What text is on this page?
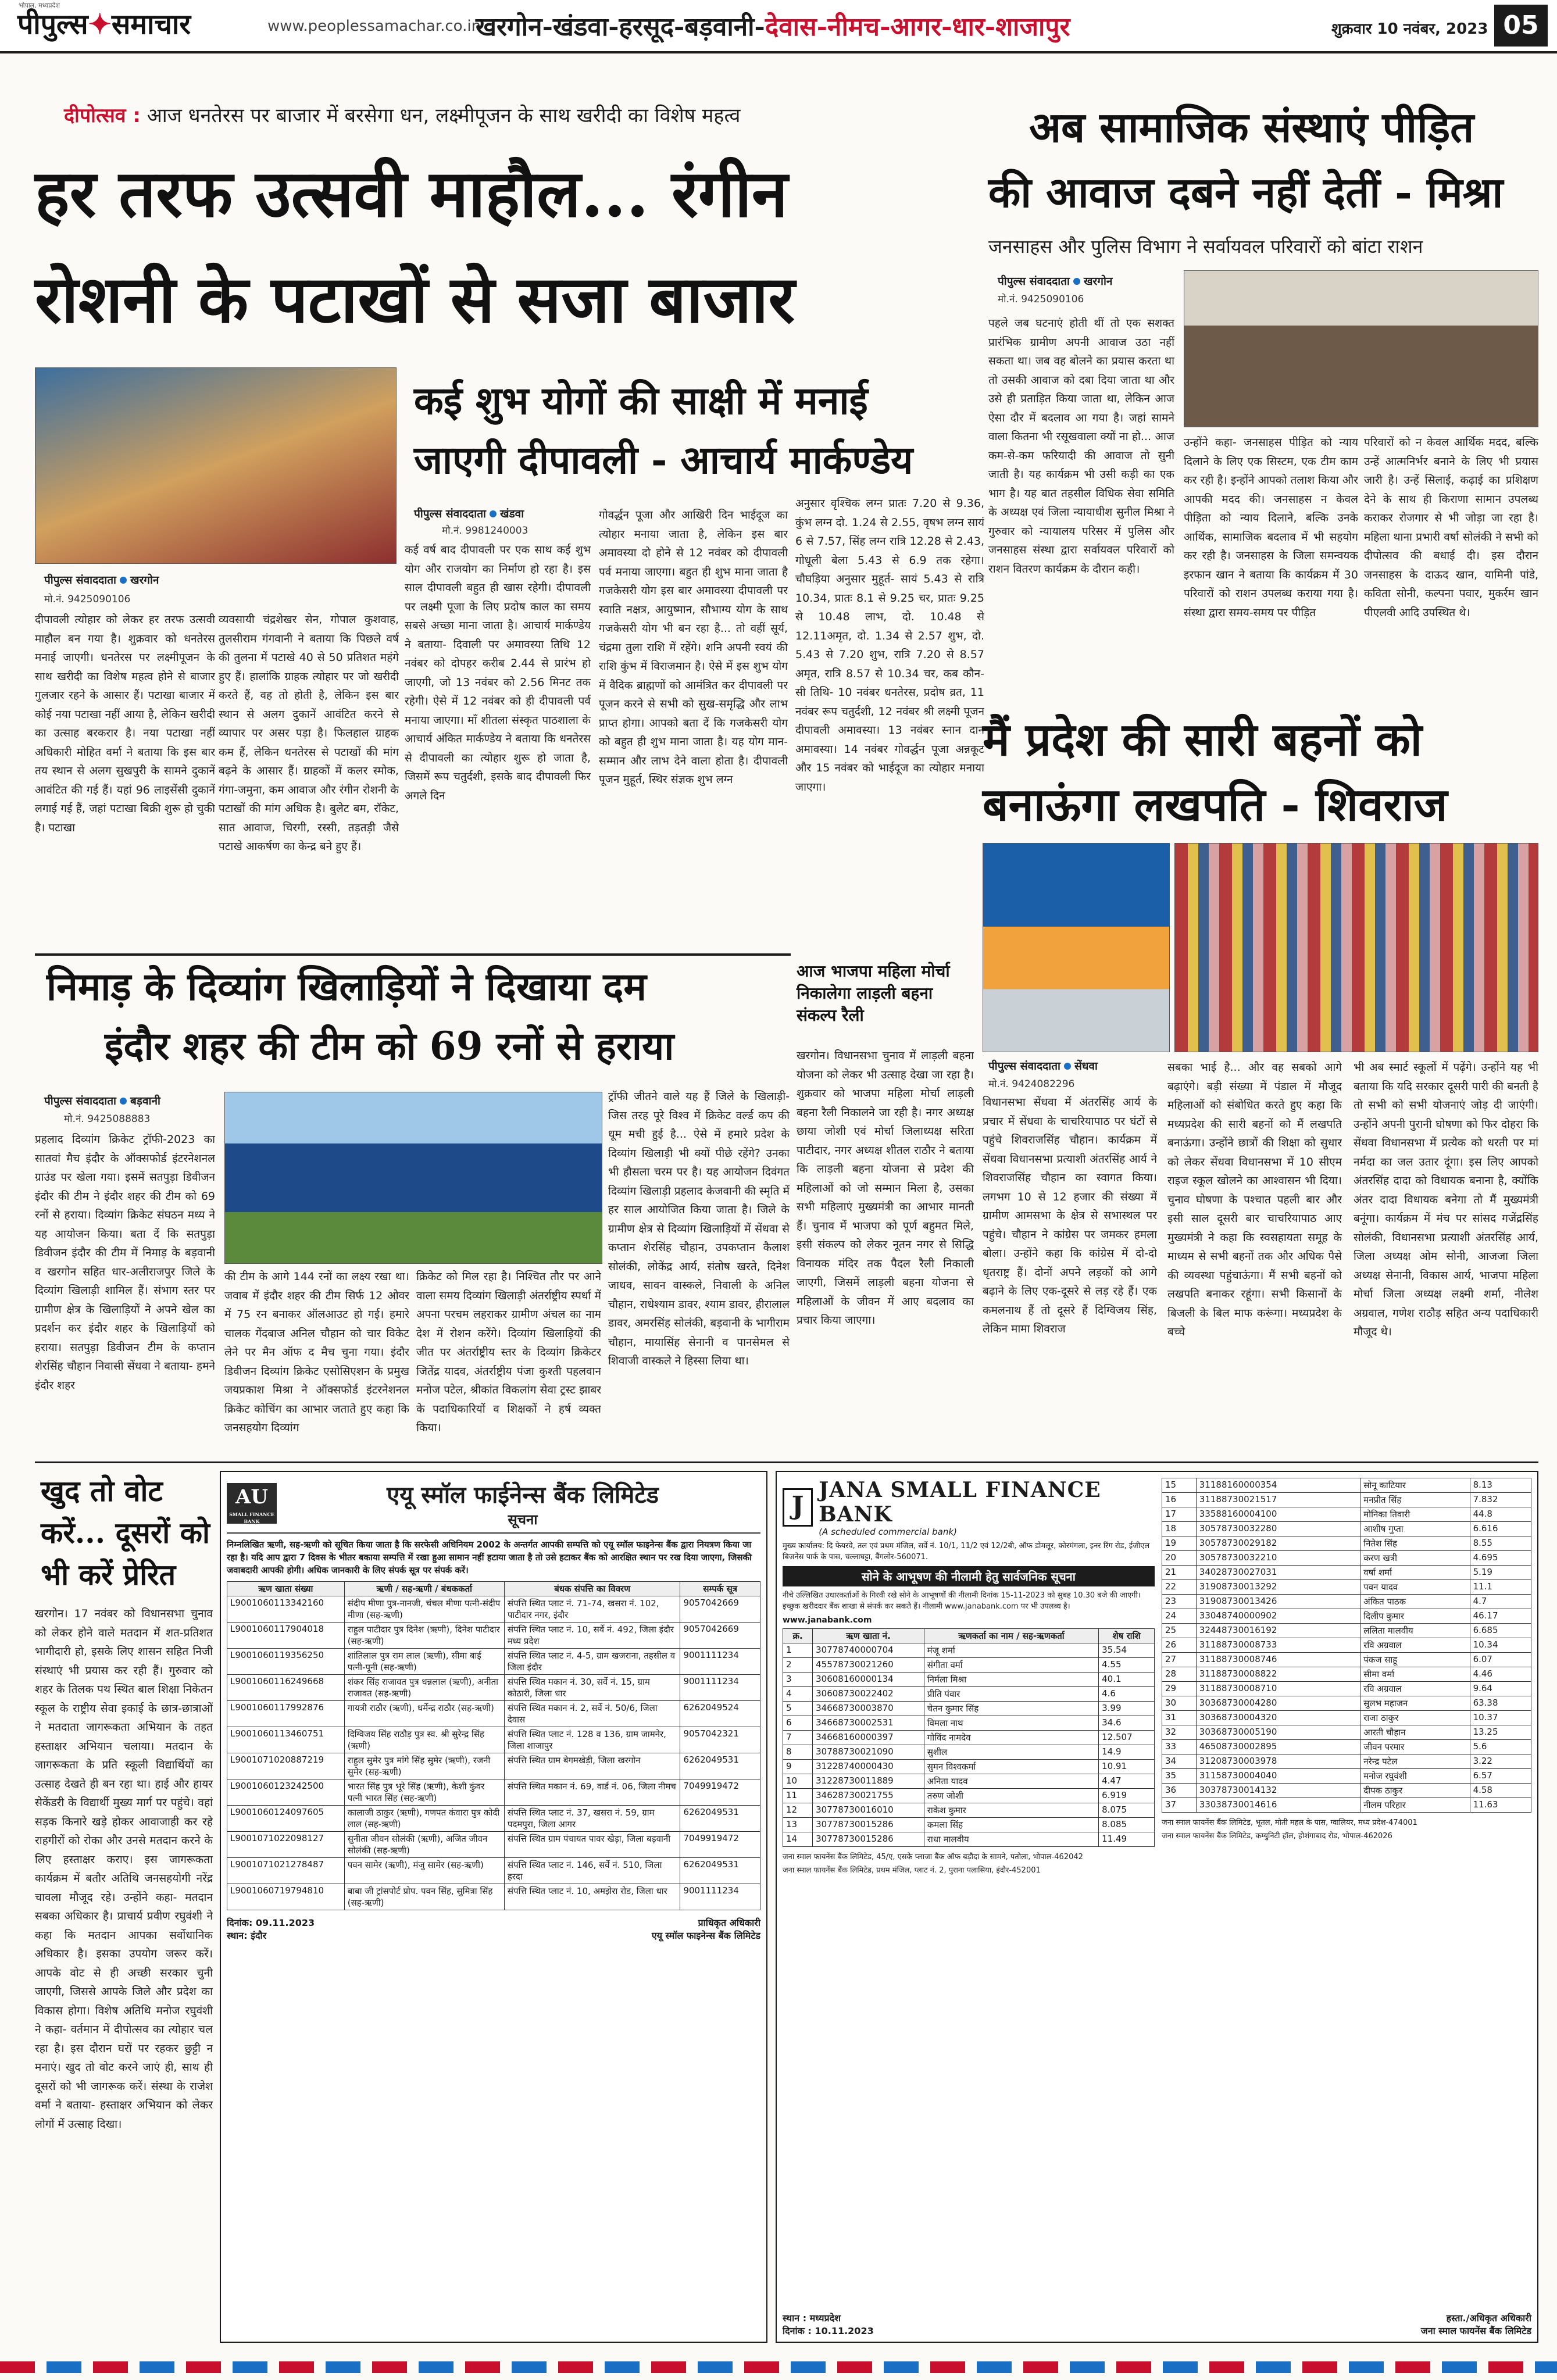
भोपाल, मध्यप्रदेश
पीपुल्स✦समाचार	www.peoplessamachar.co.in
खरगोन-खंडवा-हरसूद-बड़वानी-देवास-नीमच-आगर-धार-शाजापुर	शुक्रवार 10 नवंबर, 2023 05
दीपोत्सव : आज धनतेरस पर बाजार में बरसेगा धन, लक्ष्मीपूजन के साथ खरीदी का विशेष महत्व
हर तरफ उत्सवी माहौल... रंगीन
रोशनी के पटाखों से सजा बाजार
पीपुल्स संवाददाता खरगोन
मो.नं. 9425090106
दीपावली त्योहार को लेकर हर तरफ उत्सवी माहौल बन गया है। शुक्रवार को धनतेरस मनाई जाएगी। धनतेरस पर लक्ष्मीपूजन के साथ खरीदी का विशेष महत्व होने से बाजार गुलजार रहने के आसार हैं। पटाखा बाजार में कोई नया पटाखा नहीं आया है, लेकिन खरीदी का उत्साह बरकरार है। नया पटाखा नहीं अधिकारी मोहित वर्मा ने बताया कि इस बार तय स्थान से अलग सुखपुरी के सामने दुकानें आवंटित की गई हैं। यहां 96 लाइसेंसी दुकानें लगाई गई हैं, जहां पटाखा बिक्री शुरू हो चुकी है। पटाखा
व्यवसायी चंद्रशेखर सेन, गोपाल कुशवाह, तुलसीराम गंगवानी ने बताया कि पिछले वर्ष की तुलना में पटाखे 40 से 50 प्रतिशत महंगे हुए हैं। हालांकि ग्राहक त्योहार पर जो खरीदी करते हैं, वह तो होती है, लेकिन इस बार स्थान से अलग दुकानें आवंटित करने से व्यापार पर असर पड़ा है। फिलहाल ग्राहक कम हैं, लेकिन धनतेरस से पटाखों की मांग बढ़ने के आसार हैं। ग्राहकों में कलर स्मोक, गंगा-जमुना, कम आवाज और रंगीन रोशनी के पटाखों की मांग अधिक है। बुलेट बम, रॉकेट, सात आवाज, चिरगी, रस्सी, तड़तड़ी जैसे पटाखे आकर्षण का केन्द्र बने हुए हैं।
कई शुभ योगों की साक्षी में मनाई
जाएगी दीपावली - आचार्य मार्कण्डेय
पीपुल्स संवाददाता खंडवा
मो.नं. 9981240003
कई वर्ष बाद दीपावली पर एक साथ कई शुभ योग और राजयोग का निर्माण हो रहा है। इस साल दीपावली बहुत ही खास रहेगी। दीपावली पर लक्ष्मी पूजा के लिए प्रदोष काल का समय सबसे अच्छा माना जाता है। आचार्य मार्कण्डेय ने बताया- दिवाली पर अमावस्या तिथि 12 नवंबर को दोपहर करीब 2.44 से प्रारंभ हो जाएगी, जो 13 नवंबर को 2.56 मिनट तक रहेगी। ऐसे में 12 नवंबर को ही दीपावली पर्व मनाया जाएगा। माँ शीतला संस्कृत पाठशाला के आचार्य अंकित मार्कण्डेय ने बताया कि धनतेरस से दीपावली का त्योहार शुरू हो जाता है, जिसमें रूप चतुर्दशी, इसके बाद दीपावली फिर अगले दिन
गोवर्द्धन पूजा और आखिरी दिन भाईदूज का त्योहार मनाया जाता है, लेकिन इस बार अमावस्या दो होने से 12 नवंबर को दीपावली पर्व मनाया जाएगा। बहुत ही शुभ माना जाता है गजकेसरी योग इस बार अमावस्या दीपावली पर स्वाति नक्षत्र, आयुष्मान, सौभाग्य योग के साथ गजकेसरी योग भी बन रहा है... तो वहीं सूर्य, चंद्रमा तुला राशि में रहेंगे। शनि अपनी स्वयं की राशि कुंभ में विराजमान है। ऐसे में इस शुभ योग में वैदिक ब्राह्मणों को आमंत्रित कर दीपावली पर पूजन करने से सभी को सुख-समृद्धि और लाभ प्राप्त होगा। आपको बता दें कि गजकेसरी योग को बहुत ही शुभ माना जाता है। यह योग मान-सम्मान और लाभ देने वाला होता है। दीपावली पूजन मुहूर्त, स्थिर संज्ञक शुभ लग्न
अनुसार वृश्चिक लग्न प्रातः 7.20 से 9.36, कुंभ लग्न दो. 1.24 से 2.55, वृषभ लग्न सायं 6 से 7.57, सिंह लग्न रात्रि 12.28 से 2.43, गोधूली बेला 5.43 से 6.9 तक रहेगा। चौघड़िया अनुसार मुहूर्त- सायं 5.43 से रात्रि 10.34, प्रातः 8.1 से 9.25 चर, प्रातः 9.25 से 10.48 लाभ, दो. 10.48 से 12.11अमृत, दो. 1.34 से 2.57 शुभ, दो. 5.43 से 7.20 शुभ, रात्रि 7.20 से 8.57 अमृत, रात्रि 8.57 से 10.34 चर, कब कौन-सी तिथि- 10 नवंबर धनतेरस, प्रदोष व्रत, 11 नवंबर रूप चतुर्दशी, 12 नवंबर श्री लक्ष्मी पूजन दीपावली अमावस्या। 13 नवंबर स्नान दान अमावस्या। 14 नवंबर गोवर्द्धन पूजा अन्नकूट और 15 नवंबर को भाईदूज का त्योहार मनाया जाएगा।
अब सामाजिक संस्थाएं पीड़ित
की आवाज दबने नहीं देतीं - मिश्रा
जनसाहस और पुलिस विभाग ने सर्वायवल परिवारों को बांटा राशन
पीपुल्स संवाददाता खरगोन
मो.नं. 9425090106
पहले जब घटनाएं होती थीं तो एक सशक्त प्रारंभिक ग्रामीण अपनी आवाज उठा नहीं सकता था। जब वह बोलने का प्रयास करता था तो उसकी आवाज को दबा दिया जाता था और उसे ही प्रताड़ित किया जाता था, लेकिन आज ऐसा दौर में बदलाव आ गया है। जहां सामने वाला कितना भी रसूखवाला क्यों ना हो... आज कम-से-कम फरियादी की आवाज तो सुनी जाती है। यह कार्यक्रम भी उसी कड़ी का एक भाग है। यह बात तहसील विधिक सेवा समिति के अध्यक्ष एवं जिला न्यायाधीश सुनील मिश्रा ने गुरुवार को न्यायालय परिसर में पुलिस और जनसाहस संस्था द्वारा सर्वायवल परिवारों को राशन वितरण कार्यक्रम के दौरान कही।
उन्होंने कहा- जनसाहस पीड़ित को न्याय दिलाने के लिए एक सिस्टम, एक टीम काम कर रही है। इन्होंने आपको तलाश किया और आपकी मदद की। जनसाहस न केवल पीड़िता को न्याय दिलाने, बल्कि उनके आर्थिक, सामाजिक बदलाव में भी सहयोग कर रही है। जनसाहस के जिला समन्वयक इरफान खान ने बताया कि कार्यक्रम में 30 परिवारों को राशन उपलब्ध कराया गया है। संस्था द्वारा समय-समय पर पीड़ित
परिवारों को न केवल आर्थिक मदद, बल्कि उन्हें आत्मनिर्भर बनाने के लिए भी प्रयास जारी है। उन्हें सिलाई, कढ़ाई का प्रशिक्षण देने के साथ ही किराणा सामान उपलब्ध कराकर रोजगार से भी जोड़ा जा रहा है। महिला थाना प्रभारी वर्षा सोलंकी ने सभी को दीपोत्सव की बधाई दी। इस दौरान जनसाहस के दाऊद खान, यामिनी पांडे, कविता सोनी, कल्पना पवार, मुकर्रम खान पीएलवी आदि उपस्थित थे।
मैं प्रदेश की सारी बहनों को
बनाऊंगा लखपति - शिवराज
पीपुल्स संवाददाता सेंधवा
मो.नं. 9424082296
विधानसभा सेंधवा में अंतरसिंह आर्य के प्रचार में सेंधवा के चाचरियापाठ पर घंटों से पहुंचे शिवराजसिंह चौहान। कार्यक्रम में सेंधवा विधानसभा प्रत्याशी अंतरसिंह आर्य ने शिवराजसिंह चौहान का स्वागत किया। लगभग 10 से 12 हजार की संख्या में ग्रामीण आमसभा के क्षेत्र से सभास्थल पर पहुंचे। चौहान ने कांग्रेस पर जमकर हमला बोला। उन्होंने कहा कि कांग्रेस में दो-दो धृतराष्ट्र हैं। दोनों अपने लड़कों को आगे बढ़ाने के लिए एक-दूसरे से लड़ रहे हैं। एक कमलनाथ हैं तो दूसरे हैं दिग्विजय सिंह, लेकिन मामा शिवराज
सबका भाई है... और वह सबको आगे बढ़ाएंगे। बड़ी संख्या में पंडाल में मौजूद महिलाओं को संबोधित करते हुए कहा कि मध्यप्रदेश की सारी बहनों को मैं लखपति बनाऊंगा। उन्होंने छात्रों की शिक्षा को सुधार को लेकर सेंधवा विधानसभा में 10 सीएम राइज स्कूल खोलने का आश्वासन भी दिया। चुनाव घोषणा के पश्चात पहली बार और इसी साल दूसरी बार चाचरियापाठ आए मुख्यमंत्री ने कहा कि स्वसहायता समूह के माध्यम से सभी बहनों तक और अधिक पैसे की व्यवस्था पहुंचाऊंगा। मैं सभी बहनों को लखपति बनाकर रहूंगा। सभी किसानों के बिजली के बिल माफ करूंगा। मध्यप्रदेश के बच्चे
भी अब स्मार्ट स्कूलों में पढ़ेंगे। उन्होंने यह भी बताया कि यदि सरकार दूसरी पारी की बनती है तो सभी को सभी योजनाएं जोड़ दी जाएंगी। उन्होंने अपनी पुरानी घोषणा को फिर दोहरा कि सेंधवा विधानसभा में प्रत्येक को धरती पर मां नर्मदा का जल उतार दूंगा। इस लिए आपको अंतरसिंह दादा को विधायक बनाना है, क्योंकि अंतर दादा विधायक बनेगा तो मैं मुख्यमंत्री बनूंगा। कार्यक्रम में मंच पर सांसद गजेंद्रसिंह सोलंकी, विधानसभा प्रत्याशी अंतरसिंह आर्य, जिला अध्यक्ष ओम सोनी, आजजा जिला अध्यक्ष सेनानी, विकास आर्य, भाजपा महिला मोर्चा जिला अध्यक्ष लक्ष्मी शर्मा, नीलेश अग्रवाल, गणेश राठौड़ सहित अन्य पदाधिकारी मौजूद थे।
निमाड़ के दिव्यांग खिलाड़ियों ने दिखाया दम
इंदौर शहर की टीम को 69 रनों से हराया
पीपुल्स संवाददाता बड़वानी
मो.नं. 9425088883
प्रहलाद दिव्यांग क्रिकेट ट्रॉफी-2023 का सातवां मैच इंदौर के ऑक्सफोर्ड इंटरनेशनल ग्राउंड पर खेला गया। इसमें सतपुड़ा डिवीजन इंदौर की टीम ने इंदौर शहर की टीम को 69 रनों से हराया। दिव्यांग क्रिकेट संघठन मध्य ने यह आयोजन किया। बता दें कि सतपुड़ा डिवीजन इंदौर की टीम में निमाड़ के बड़वानी व खरगोन सहित धार-अलीराजपुर जिले के दिव्यांग खिलाड़ी शामिल हैं। संभाग स्तर पर ग्रामीण क्षेत्र के खिलाड़ियों ने अपने खेल का प्रदर्शन कर इंदौर शहर के खिलाड़ियों को हराया। सतपुड़ा डिवीजन टीम के कप्तान शेरसिंह चौहान निवासी सेंधवा ने बताया- हमने इंदौर शहर
की टीम के आगे 144 रनों का लक्ष्य रखा था। जवाब में इंदौर शहर की टीम सिर्फ 12 ओवर में 75 रन बनाकर ऑलआउट हो गई। हमारे चालक गेंदबाज अनिल चौहान को चार विकेट लेने पर मैन ऑफ द मैच चुना गया। इंदौर डिवीजन दिव्यांग क्रिकेट एसोसिएशन के प्रमुख जयप्रकाश मिश्रा ने ऑक्सफोर्ड इंटरनेशनल क्रिकेट कोचिंग का आभार जताते हुए कहा कि जनसहयोग दिव्यांग
क्रिकेट को मिल रहा है। निश्चित तौर पर आने वाला समय दिव्यांग खिलाड़ी अंतर्राष्ट्रीय स्पर्धा में अपना परचम लहराकर ग्रामीण अंचल का नाम देश में रोशन करेंगे। दिव्यांग खिलाड़ियों की जीत पर अंतर्राष्ट्रीय स्तर के दिव्यांग क्रिकेटर जितेंद्र यादव, अंतर्राष्ट्रीय पंजा कुश्ती पहलवान मनोज पटेल, श्रीकांत विकलांग सेवा ट्रस्ट झाबर के पदाधिकारियों व शिक्षकों ने हर्ष व्यक्त किया।
ट्रॉफी जीतने वाले यह हैं जिले के खिलाड़ी- जिस तरह पूरे विश्व में क्रिकेट वर्ल्ड कप की धूम मची हुई है... ऐसे में हमारे प्रदेश के दिव्यांग खिलाड़ी भी क्यों पीछे रहेंगे? उनका भी हौसला चरम पर है। यह आयोजन दिवंगत दिव्यांग खिलाड़ी प्रहलाद केजवानी की स्मृति में हर साल आयोजित किया जाता है। जिले के ग्रामीण क्षेत्र से दिव्यांग खिलाड़ियों में सेंधवा से कप्तान शेरसिंह चौहान, उपकप्तान कैलाश सोलंकी, लोकेंद्र आर्य, संतोष खरते, दिनेश जाधव, सावन वास्कले, निवाली के अनिल चौहान, राधेश्याम डावर, श्याम डावर, हीरालाल डावर, अमरसिंह सोलंकी, बड़वानी के भागीराम चौहान, मायासिंह सेनानी व पानसेमल से शिवाजी वास्कले ने हिस्सा लिया था।
आज भाजपा महिला मोर्चा निकालेगा लाड़ली बहना संकल्प रैली
खरगोन। विधानसभा चुनाव में लाड़ली बहना योजना को लेकर भी उत्साह देखा जा रहा है। शुक्रवार को भाजपा महिला मोर्चा लाड़ली बहना रैली निकालने जा रही है। नगर अध्यक्ष छाया जोशी एवं मोर्चा जिलाध्यक्ष सरिता पाटीदार, नगर अध्यक्ष शीतल राठौर ने बताया कि लाड़ली बहना योजना से प्रदेश की महिलाओं को जो सम्मान मिला है, उसका सभी महिलाएं मुख्यमंत्री का आभार मानती हैं। चुनाव में भाजपा को पूर्ण बहुमत मिले, इसी संकल्प को लेकर नूतन नगर से सिद्धि विनायक मंदिर तक पैदल रैली निकाली जाएगी, जिसमें लाड़ली बहना योजना से महिलाओं के जीवन में आए बदलाव का प्रचार किया जाएगा।
खुद तो वोट
करें... दूसरों को
भी करें प्रेरित
खरगोन। 17 नवंबर को विधानसभा चुनाव को लेकर होने वाले मतदान में शत-प्रतिशत भागीदारी हो, इसके लिए शासन सहित निजी संस्थाएं भी प्रयास कर रही हैं। गुरुवार को शहर के तिलक पथ स्थित बाल शिक्षा निकेतन स्कूल के राष्ट्रीय सेवा इकाई के छात्र-छात्राओं ने मतदाता जागरूकता अभियान के तहत हस्ताक्षर अभियान चलाया। मतदान के जागरूकता के प्रति स्कूली विद्यार्थियों का उत्साह देखते ही बन रहा था। हाई और हायर सेकेंडरी के विद्यार्थी मुख्य मार्ग पर पहुंचे। वहां सड़क किनारे खड़े होकर आवाजाही कर रहे राहगीरों को रोका और उनसे मतदान करने के लिए हस्ताक्षर कराए। इस जागरूकता कार्यक्रम में बतौर अतिथि जनसहयोगी नरेंद्र चावला मौजूद रहे। उन्होंने कहा- मतदान सबका अधिकार है। प्राचार्य प्रवीण रघुवंशी ने कहा कि मतदान आपका सर्वोधानिक अधिकार है। इसका उपयोग जरूर करें। आपके वोट से ही अच्छी सरकार चुनी जाएगी, जिससे आपके जिले और प्रदेश का विकास होगा। विशेष अतिथि मनोज रघुवंशी ने कहा- वर्तमान में दीपोत्सव का त्योहार चल रहा है। इस दौरान घरों पर रहकर छुट्टी न मनाएं। खुद तो वोट करने जाएं ही, साथ ही दूसरों को भी जागरूक करें। संस्था के राजेश वर्मा ने बताया- हस्ताक्षर अभियान को लेकर लोगों में उत्साह दिखा।
AU
SMALL FINANCE BANK
एयू स्मॉल फाईनेन्स बैंक लिमिटेड
सूचना
निम्नलिखित ऋणी, सह-ऋणी को सूचित किया जाता है कि सरफेसी अधिनियम 2002 के अन्तर्गत आपकी सम्पत्ति को एयू स्मॉल फाइनेन्स बैंक द्वारा नियत्रण किया जा रहा है। यदि आप द्वारा 7 दिवस के भीतर बकाया सम्पत्ति में रखा हुआ सामान नहीं हटाया जाता है तो उसे हटाकर बैंक को आरक्षित स्थान पर रख दिया जाएगा, जिसकी जवाबदारी आपकी होगी। अधिक जानकारी के लिए संपर्क सूत्र पर संपर्क करें।
ऋण खाता संख्या	ऋणी / सह-ऋणी / बंधककर्ता	बंधक संपत्ति का विवरण	सम्पर्क सूत्र
L9001060113342160	संदीप मीणा पुत्र-नानजी, चंचल मीणा पत्नी-संदीप मीणा (सह-ऋणी)	संपत्ति स्थित प्लाट नं. 71-74, खसरा नं. 102, पाटीदार नगर, इंदौर	9057042669
L9001060117904018	राहुल पाटीदार पुत्र दिनेश (ऋणी), दिनेश पाटीदार (सह-ऋणी)	संपत्ति स्थित प्लाट नं. 10, सर्वे नं. 492, जिला इंदौर मध्य प्रदेश	9057042669
L9001060119356250	शांतिलाल पुत्र राम लाल (ऋणी), सीमा बाई पत्नी-पूनी (सह-ऋणी)	संपत्ति स्थित प्लाट नं. 4-5, ग्राम खजराना, तहसील व जिला इंदौर	9001111234
L9001060116249668	शंकर सिंह राजावत पुत्र धन्नलाल (ऋणी), अनीता राजावत (सह-ऋणी)	संपत्ति स्थित मकान नं. 30, सर्वे नं. 15, ग्राम कोठारी, जिला धार	9001111234
L9001060117992876	गायत्री राठौर (ऋणी), धर्मेन्द्र राठौर (सह-ऋणी)	संपत्ति स्थित मकान नं. 2, सर्वे नं. 50/6, जिला देवास	6262049524
L9001060113460751	दिग्विजय सिंह राठौड़ पुत्र स्व. श्री सुरेन्द्र सिंह (ऋणी)	संपत्ति स्थित प्लाट नं. 128 व 136, ग्राम जामनेर, जिला शाजापुर	9057042321
L9001071020887219	राहुल सुमेर पुत्र मांगे सिंह सुमेर (ऋणी), रजनी सुमेर (सह-ऋणी)	संपत्ति स्थित ग्राम बेगमखेड़ी, जिला खरगोन	6262049531
L9001060123242500	भारत सिंह पुत्र भूरे सिंह (ऋणी), केशी कुंवर पत्नी भारत सिंह (सह-ऋणी)	संपत्ति स्थित मकान नं. 69, वार्ड नं. 06, जिला नीमच	7049919472
L9001060124097605	कालाजी ठाकुर (ऋणी), गणपत कंवारा पुत्र कोदी लाल (सह-ऋणी)	संपत्ति स्थित प्लाट नं. 37, खसरा नं. 59, ग्राम पदमपुरा, जिला आगर	6262049531
L9001071022098127	सुनीता जीवन सोलंकी (ऋणी), अजित जीवन सोलंकी (सह-ऋणी)	संपत्ति स्थित ग्राम पंचायत पावर खेड़ा, जिला बड़वानी	7049919472
L9001071021278487	पवन सामेर (ऋणी), मंजु सामेर (सह-ऋणी)	संपत्ति स्थित प्लाट नं. 146, सर्वे नं. 510, जिला हरदा	6262049531
L9001060719794810	बाबा जी ट्रांसपोर्ट प्रोप. पवन सिंह, सुमित्रा सिंह (सह-ऋणी)	संपत्ति स्थित प्लाट नं. 10, अमझेरा रोड, जिला धार	9001111234
दिनांक: 09.11.2023
स्थान: इंदौर
प्राधिकृत अधिकारी
एयू स्मॉल फाइनेन्स बैंक लिमिटेड
J
JANA SMALL FINANCE BANK
(A scheduled commercial bank)
मुख्य कार्यालय: दि फेयरवे, तल एवं प्रथम मंजिल, सर्वे नं. 10/1, 11/2 एवं 12/2बी, ऑफ डोमलूर, कोरमंगला, इनर रिंग रोड, ईजीएल बिजनेस पार्क के पास, चल्लाघट्टा, बैंगलोर-560071.
सोने के आभूषण की नीलामी हेतु सार्वजनिक सूचना
नीचे उल्लिखित उधारकर्ताओं के गिरवी रखे सोने के आभूषणों की नीलामी दिनांक 15-11-2023 को सुबह 10.30 बजे की जाएगी। इच्छुक खरीददार बैंक शाखा से संपर्क कर सकते हैं। नीलामी www.janabank.com पर भी उपलब्ध है।
www.janabank.com
क्र.	ऋण खाता नं.	ऋणकर्ता का नाम / सह-ऋणकर्ता	शेष राशि
1	30778740000704	मंजू शर्मा	35.54
2	45578730021260	संगीता वर्मा	4.55
3	30608160000134	निर्मला मिश्रा	40.1
4	30608730022402	प्रीति पंवार	4.6
5	34668730003870	चेतन कुमार सिंह	3.99
6	34668730002531	विमला नाथ	34.6
7	34668160000397	गोविंद नामदेव	12.507
8	30788730021090	सुशील	14.9
9	31228740000430	सुमन विश्वकर्मा	10.91
10	31228730011889	अनिता यादव	4.47
11	34628730021755	तरुण जोशी	6.919
12	30778730016010	राकेश कुमार	8.075
13	30778730015286	कमला सिंह	8.085
14	30778730015286	राधा मालवीय	11.49
जना स्माल फायनेंस बैंक लिमिटेड, 45/ए, एसके प्लाजा बैंक ऑफ बड़ौदा के सामने, पतोला, भोपाल-462042
जना स्माल फायनेंस बैंक लिमिटेड, प्रथम मंजिल, प्लाट नं. 2, पुराना पलासिया, इंदौर-452001
15	31188160000354	सोनू काटियार	8.13
16	31188730021517	मनप्रीत सिंह	7.832
17	33588160004100	मोनिका तिवारी	44.8
18	30578730032280	आशीष गुप्ता	6.616
19	30578730029182	नितेश सिंह	8.55
20	30578730032210	करण खत्री	4.695
21	34028730027031	वर्षा शर्मा	5.19
22	31908730013292	पवन यादव	11.1
23	31908730013426	अंकित पाठक	4.7
24	33048740000902	दिलीप कुमार	46.17
25	32448730016192	ललिता मालवीय	6.685
26	31188730008733	रवि अग्रवाल	10.34
27	31188730008746	पंकज साहू	6.07
28	31188730008822	सीमा वर्मा	4.46
29	31188730008710	रवि अग्रवाल	9.64
30	30368730004280	सुलभ महाजन	63.38
31	30368730004320	राजा ठाकुर	10.37
32	30368730005190	आरती चौहान	13.25
33	46508730002895	जीवन परमार	5.6
34	31208730003978	नरेन्द्र पटेल	3.22
35	31158730004040	मनोज रघुवंशी	6.57
36	30378730014132	दीपक ठाकुर	4.58
37	33038730014616	नीलम परिहार	11.63
जना स्माल फायनेंस बैंक लिमिटेड, भूतल, मोती महल के पास, ग्वालियर, मध्य प्रदेश-474001
जना स्माल फायनेंस बैंक लिमिटेड, कम्युनिटी हॉल, होशंगाबाद रोड, भोपाल-462026
स्थान : मध्यप्रदेश
दिनांक : 10.11.2023
हस्ता./अधिकृत अधिकारी
जना स्माल फायनेंस बैंक लिमिटेड
